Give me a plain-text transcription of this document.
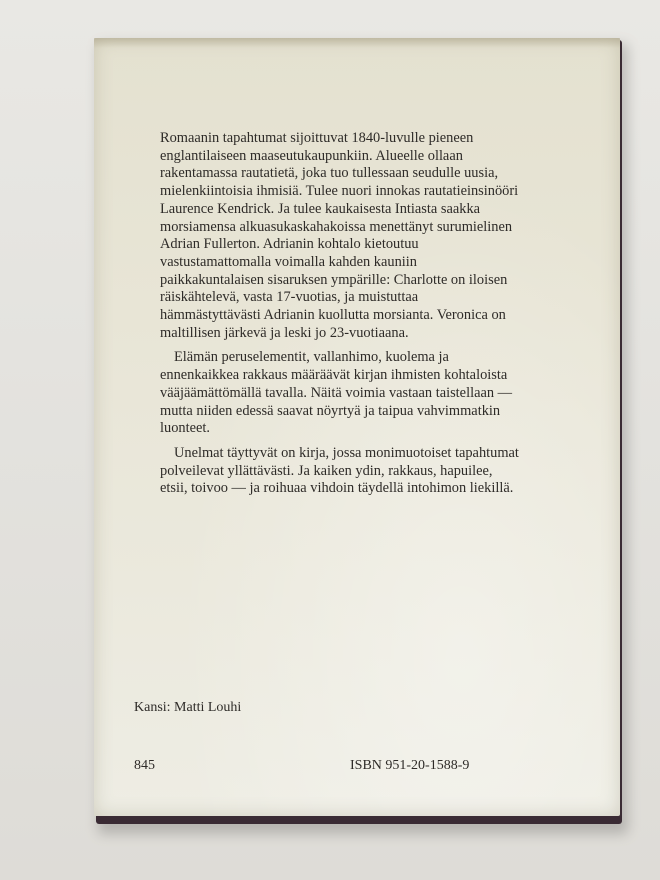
Romaanin tapahtumat sijoittuvat 1840-luvulle pieneen englantilaiseen maaseutukaupunkiin. Alueelle ollaan rakentamassa rautatietä, joka tuo tullessaan seudulle uusia, mielenkiintoisia ihmisiä. Tulee nuori innokas rautatieinsinööri Laurence Kendrick. Ja tulee kaukaisesta Intiasta saakka morsiamensa alkuasukaskahakoissa menettänyt surumielinen Adrian Fullerton. Adrianin kohtalo kietoutuu vastustamattomalla voimalla kahden kauniin paikkakuntalaisen sisaruksen ympärille: Charlotte on iloisen räiskähtelevä, vasta 17-vuotias, ja muistuttaa hämmästyttävästi Adrianin kuollutta morsianta. Veronica on maltillisen järkevä ja leski jo 23-vuotiaana.

Elämän peruselementit, vallanhimo, kuolema ja ennenkaikkea rakkaus määräävät kirjan ihmisten kohtaloista vääjäämättömällä tavalla. Näitä voimia vastaan taistellaan — mutta niiden edessä saavat nöyrtyä ja taipua vahvimmatkin luonteet.

Unelmat täyttyvät on kirja, jossa monimuotoiset tapahtumat polveilevat yllättävästi. Ja kaiken ydin, rakkaus, hapuilee, etsii, toivoo — ja roihuaa vihdoin täydellä intohimon liekillä.

Kansi: Matti Louhi
845	ISBN 951-20-1588-9
